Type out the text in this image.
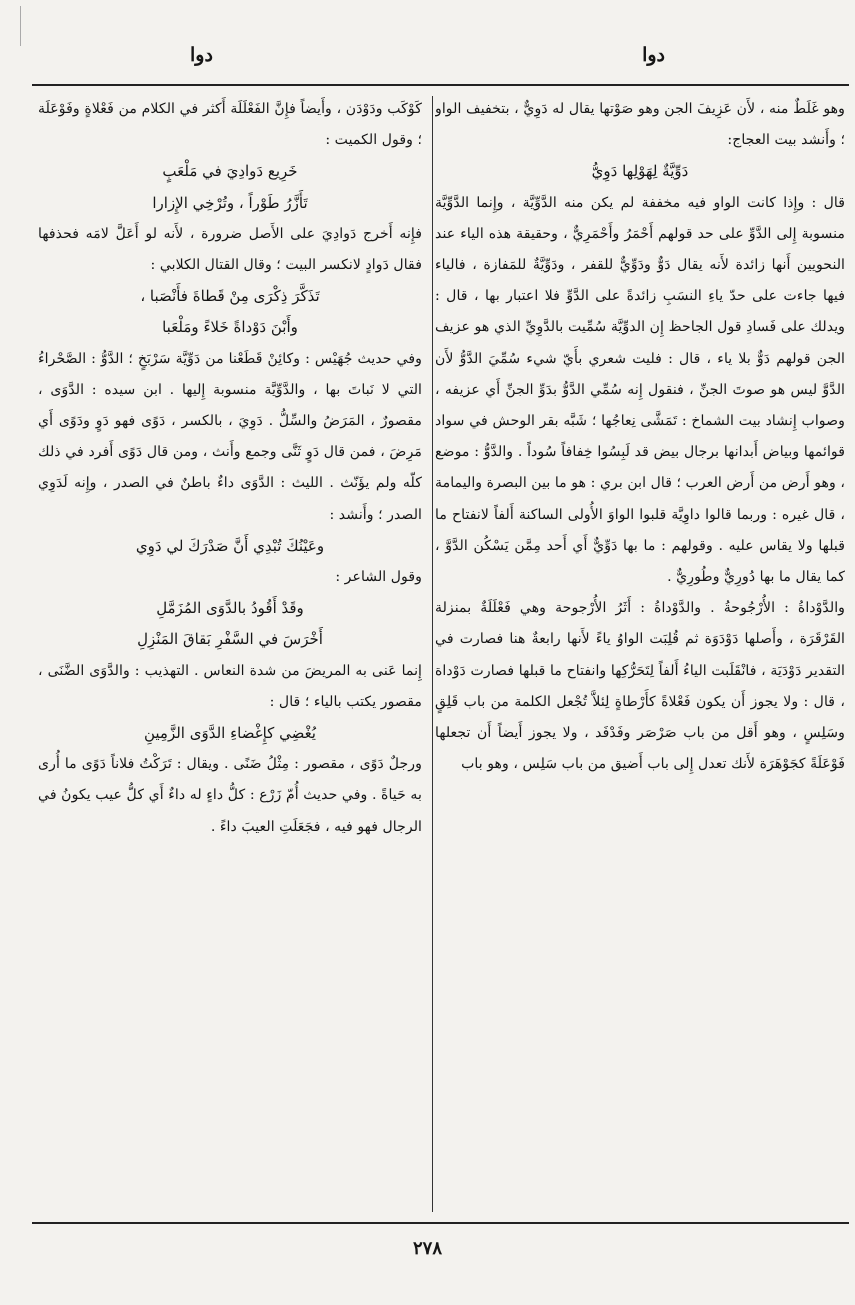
دوا
دوا

وهو غَلَطٌ منه ، لأَن عَزِيفَ الجن وهو صَوْتها يقال له دَوِيٌّ ، بتخفيف الواو ؛ وأَنشد بيت العجاج:

دَوِّيَّةٌ لِهَوْلِها دَوِيُّ

قال : وإِذا كانت الواو فيه مخففة لم يكن منه الدَّوِّيَّة ، وإِنما الدَّوِّيَّة منسوبة إِلى الدَّوِّ على حد قولهم أَحْمَرُ وأَحْمَرِيٌّ ، وحقيقة هذه الياء عند النحويين أَنها زائدة لأَنه يقال دَوٌّ ودَوِّيٌّ للقفر ، ودَوِّيَّةٌ للمَفازة ، فالياء فيها جاءت على حدّ ياءِ النسَبِ زائدةً على الدَّوِّ فلا اعتبار بها ، قال : ويدلك على فَسادِ قول الجاحظ إِن الدوِّيَّة سُمِّيت بالدَّوِيِّ الذي هو عزيف الجن قولهم دَوٌّ بلا ياء ، قال : فليت شعري بأَيّ شيء سُمِّيَ الدَّوُّ لأَن الدَّوَّ ليس هو صوتَ الجنِّ ، فنقول إِنه سُمِّي الدَّوُّ بدَوِّ الجنِّ أَي عزيفه ، وصواب إِنشاد بيت الشماخ : تَمَشَّى نِعاجُها ؛ شَبَّه بقر الوحش في سواد قوائمها وبياض أَبدانها برجال بيض قد لَبِسُوا خِفافاً سُوداً . والدَّوُّ : موضع ، وهو أَرض من أَرض العرب ؛ قال ابن بري : هو ما بين البصرة واليمامة ، قال غيره : وربما قالوا داوِيَّة قلبوا الواوَ الأُولى الساكنة أَلفاً لانفتاح ما قبلها ولا يقاس عليه . وقولهم : ما بها دَوِّيٌّ أَي أَحد مِمَّن يَسْكُن الدَّوَّ ، كما يقال ما بها دُورِيٌّ وطُورِيٌّ .

والدَّوْداةُ : الأُرْجُوحةُ . والدَّوْداةُ : أَثَرُ الأُرْجوحة وهي فَعْلَلَةٌ بمنزلة القَرْقَرَة ، وأَصلها دَوْدَوَة ثم قُلِبَت الواوُ ياءً لأَنها رابعةٌ هنا فصارت في التقدير دَوْدَيَة ، فانْقَلَبت الياءُ أَلفاً لِتَحَرُّكِها وانفتاح ما قبلها فصارت دَوْداة ، قال : ولا يجوز أَن يكون فَعْلاةً كأَرْطاةٍ لِئلاَّ تُجْعل الكلمة من باب قَلِقٍ وسَلِسٍ ، وهو أَقل من باب صَرْصَر وفَدْفَد ، ولا يجوز أَيضاً أَن تجعلها فَوْعَلَةً كجَوْهَرَة لأَنك تعدل إِلى باب أَضيق من باب سَلِس ، وهو باب

كَوْكَب ودَوْدَن ، وأَيضاً فإِنَّ الفَعْلَلَة أَكثر في الكلام من فَعْلاةٍ وفَوْعَلَة ؛ وقول الكميت :

خَرِيع دَوادِيَ في مَلْعَبٍ

تَأَزَّرُ طَوْراً ، وتُرْخِي الإِزارا

فإِنه أَخرج دَوادِيَ على الأَصل ضرورة ، لأَنه لو أَعَلَّ لامَه فحذفها فقال دَوادٍ لانكسر البيت ؛ وقال القتال الكلابي :

تَذَكَّرَ ذِكْرَى مِنْ قَطاةَ فأَنْصَبا ،

وأَبْنَ دَوْداةً خَلاءً ومَلْعَبا

وفي حديث جُهَيْس : وكائِنْ قَطَعْنا من دَوِّيَّة سَرْبَخٍ ؛ الدَّوُّ : الصَّحْراءُ التي لا نَباتَ بها ، والدَّوِّيَّة منسوبة إِليها . ابن سيده : الدَّوَى ، مقصورٌ ، المَرَضُ والسِّلُّ . دَوِيَ ، بالكسر ، دَوًى فهو دَوٍ ودَوًى أَي مَرِضَ ، فمن قال دَوٍ ثَنَّى وجمع وأَنث ، ومن قال دَوًى أَفرد في ذلك كلّه ولم يؤَنّث . الليث : الدَّوَى داءٌ باطنٌ في الصدر ، وإِنه لَدَوِي الصدر ؛ وأَنشد :

وعَيْنُكَ تُبْدِي أَنَّ صَدْرَكَ لي دَوِي

وقول الشاعر :

وقَدْ أَقُودُ بالدَّوَى المُزَمَّلِ

أَخْرَسَ في السَّفْرِ بَقاقَ المَنْزِلِ

إِنما عَنى به المريضَ من شدة النعاس . التهذيب : والدَّوَى الضَّنَى ، مقصور يكتب بالياء ؛ قال :

يُغْضِي كإِغْضاءِ الدَّوَى الزَّمِينِ

ورجلٌ دَوًى ، مقصور : مِثْلُ ضَنًى . ويقال : تَرَكْتُ فلاناً دَوًى ما أُرى به حَياةً . وفي حديث أُمّ زَرْع : كلُّ داءٍ له داءٌ أَي كلُّ عيب يكونُ في الرجال فهو فيه ، فجَعَلَتِ العيبَ داءً .

٢٧٨
